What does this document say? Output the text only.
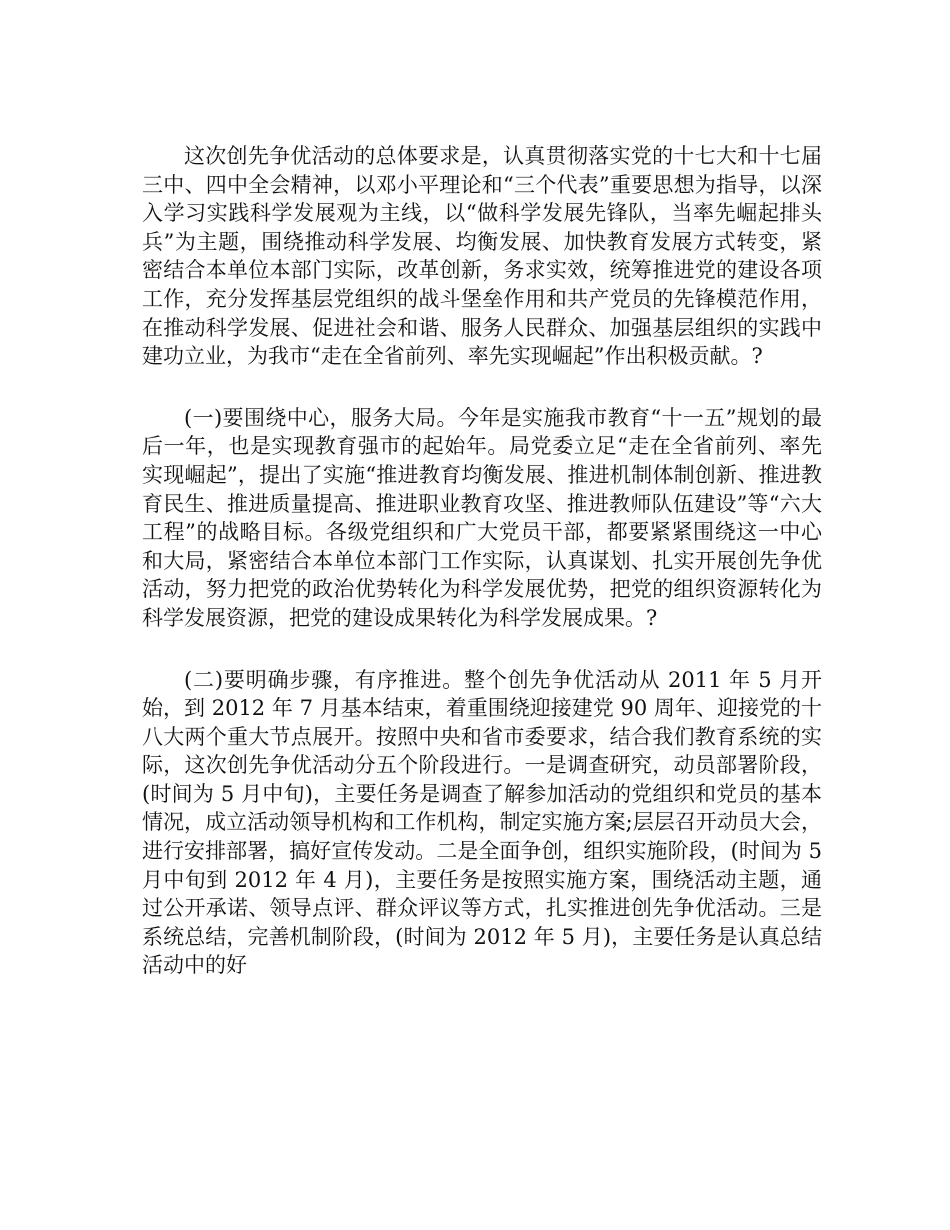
这次创先争优活动的总体要求是，认真贯彻落实党的十七大和十七届三中、四中全会精神，以邓小平理论和“三个代表”重要思想为指导，以深入学习实践科学发展观为主线，以“做科学发展先锋队，当率先崛起排头兵”为主题，围绕推动科学发展、均衡发展、加快教育发展方式转变，紧密结合本单位本部门实际，改革创新，务求实效，统筹推进党的建设各项工作，充分发挥基层党组织的战斗堡垒作用和共产党员的先锋模范作用，在推动科学发展、促进社会和谐、服务人民群众、加强基层组织的实践中建功立业，为我市“走在全省前列、率先实现崛起”作出积极贡献。?

(一)要围绕中心，服务大局。今年是实施我市教育“十一五”规划的最后一年，也是实现教育强市的起始年。局党委立足“走在全省前列、率先实现崛起”，提出了实施“推进教育均衡发展、推进机制体制创新、推进教育民生、推进质量提高、推进职业教育攻坚、推进教师队伍建设”等“六大工程”的战略目标。各级党组织和广大党员干部，都要紧紧围绕这一中心和大局，紧密结合本单位本部门工作实际，认真谋划、扎实开展创先争优活动，努力把党的政治优势转化为科学发展优势，把党的组织资源转化为科学发展资源，把党的建设成果转化为科学发展成果。?

(二)要明确步骤，有序推进。整个创先争优活动从 2011 年 5 月开始，到 2012 年 7 月基本结束，着重围绕迎接建党 90 周年、迎接党的十八大两个重大节点展开。按照中央和省市委要求，结合我们教育系统的实际，这次创先争优活动分五个阶段进行。一是调查研究，动员部署阶段，(时间为 5 月中旬)，主要任务是调查了解参加活动的党组织和党员的基本情况，成立活动领导机构和工作机构，制定实施方案;层层召开动员大会，进行安排部署，搞好宣传发动。二是全面争创，组织实施阶段，(时间为 5 月中旬到 2012 年 4 月)，主要任务是按照实施方案，围绕活动主题，通过公开承诺、领导点评、群众评议等方式，扎实推进创先争优活动。三是系统总结，完善机制阶段，(时间为 2012 年 5 月)，主要任务是认真总结活动中的好
